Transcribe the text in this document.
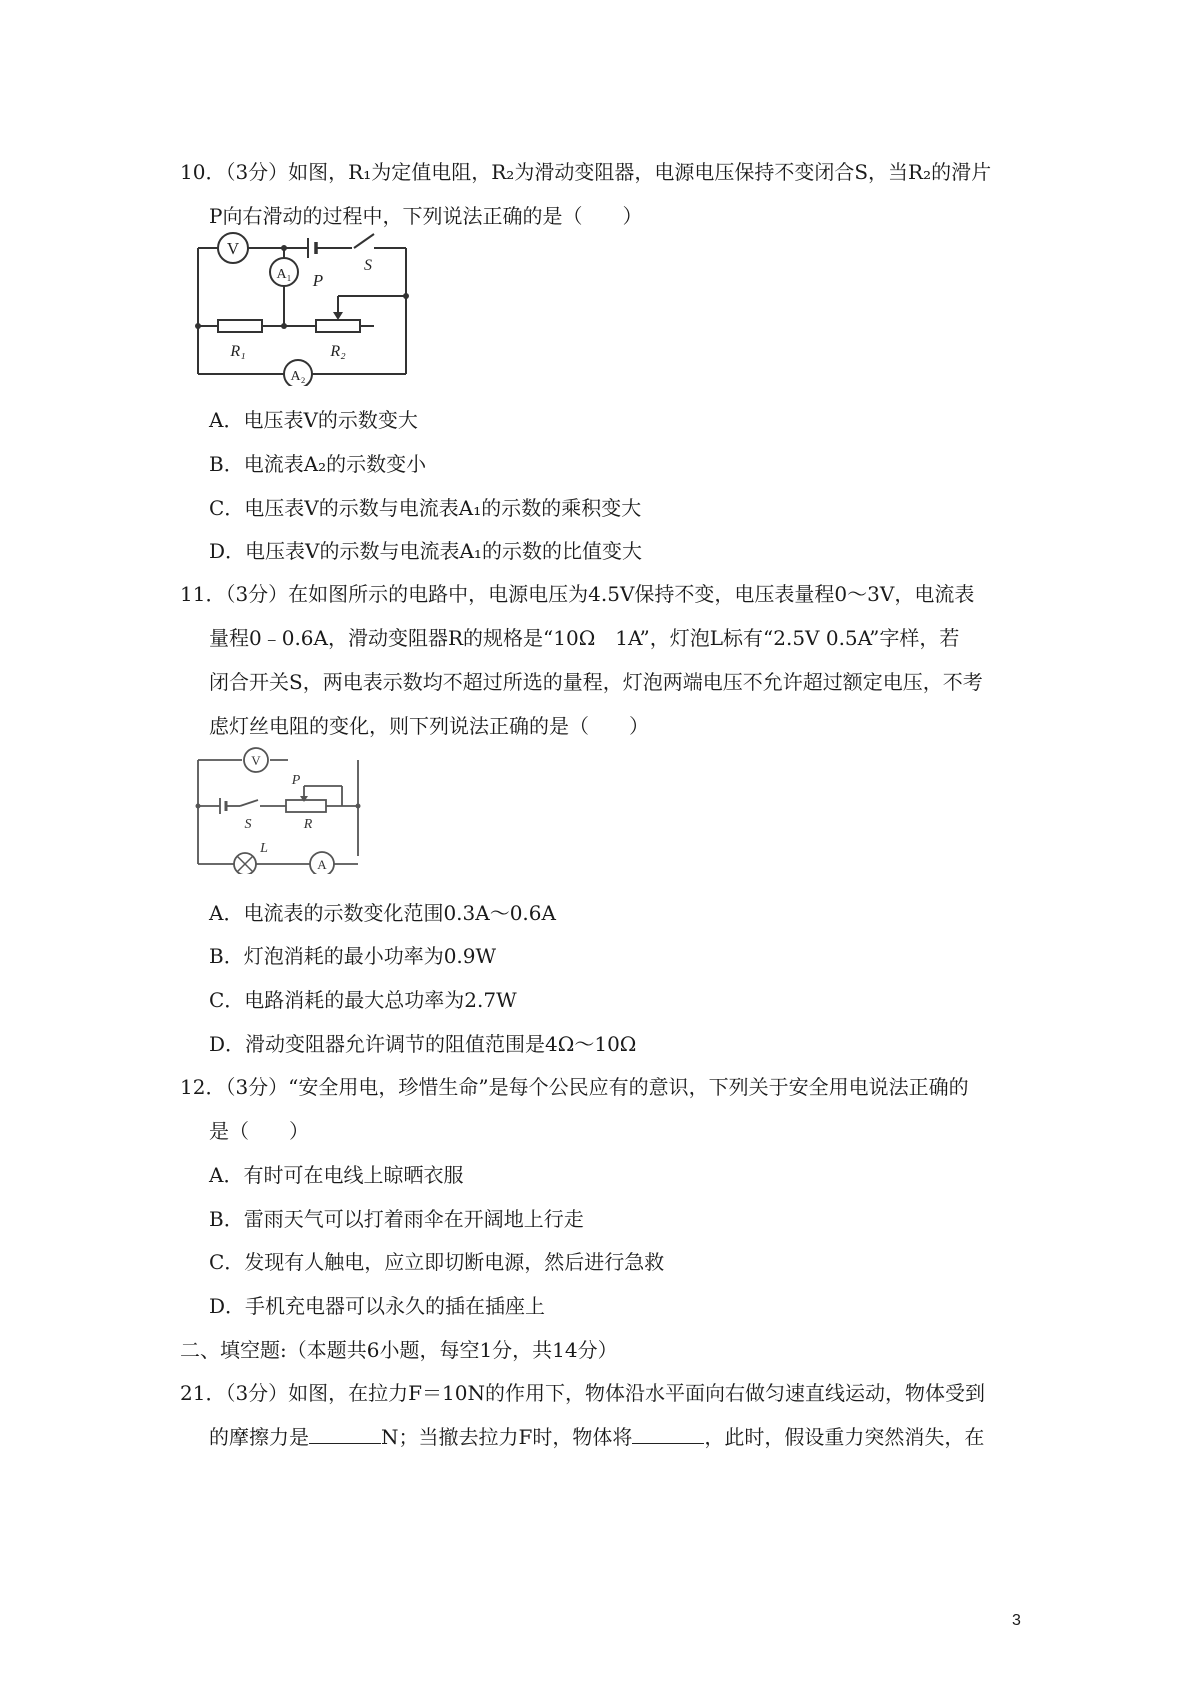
10．（3分）如图，R₁为定值电阻，R₂为滑动变阻器，电源电压保持不变闭合S，当R₂的滑片
P向右滑动的过程中，下列说法正确的是（　　）
V
A₁
A₂
S
P
R₁	R₂
A．电压表V的示数变大
B．电流表A₂的示数变小
C．电压表V的示数与电流表A₁的示数的乘积变大
D．电压表V的示数与电流表A₁的示数的比值变大
11．（3分）在如图所示的电路中，电源电压为4.5V保持不变，电压表量程0～3V，电流表
量程0﹣0.6A，滑动变阻器R的规格是“10Ω　1A”，灯泡L标有“2.5V 0.5A”字样，若
闭合开关S，两电表示数均不超过所选的量程，灯泡两端电压不允许超过额定电压，不考
虑灯丝电阻的变化，则下列说法正确的是（　　）
V
A
S
P
R
L
A．电流表的示数变化范围0.3A～0.6A
B．灯泡消耗的最小功率为0.9W
C．电路消耗的最大总功率为2.7W
D．滑动变阻器允许调节的阻值范围是4Ω～10Ω
12．（3分）“安全用电，珍惜生命”是每个公民应有的意识，下列关于安全用电说法正确的
是（　　）
A．有时可在电线上晾晒衣服
B．雷雨天气可以打着雨伞在开阔地上行走
C．发现有人触电，应立即切断电源，然后进行急救
D．手机充电器可以永久的插在插座上
二、填空题:（本题共6小题，每空1分，共14分）
21．（3分）如图，在拉力F＝10N的作用下，物体沿水平面向右做匀速直线运动，物体受到
的摩擦力是	N；当撤去拉力F时，物体将	，此时，假设重力突然消失，在
3
